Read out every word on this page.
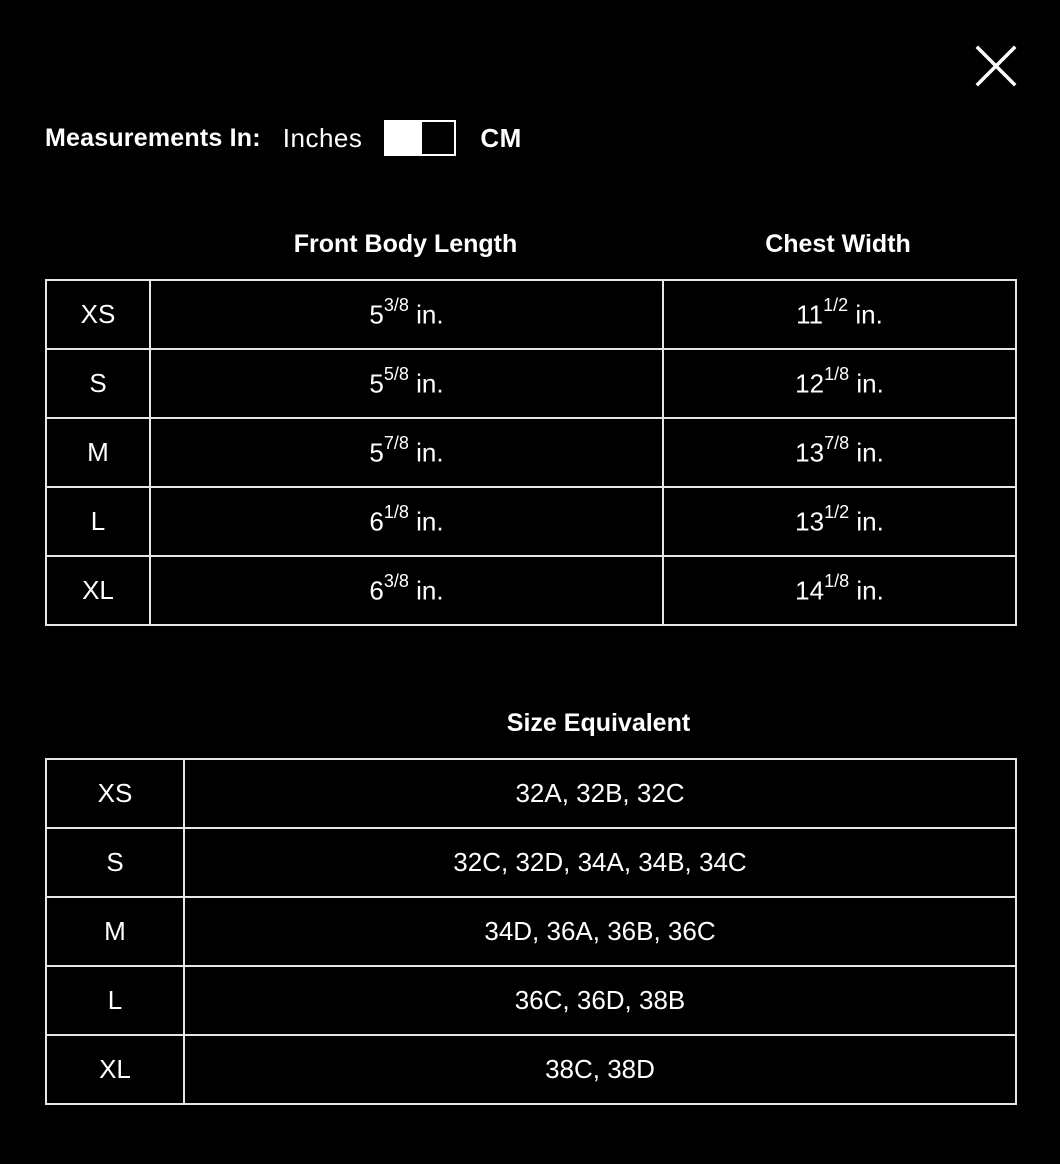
Measurements In: Inches	CM
Front Body Length	Chest Width
XS	$5^{3/8}$ in.	$11^{1/2}$ in.
S	$5^{5/8}$ in.	$12^{1/8}$ in.
M	$5^{7/8}$ in.	$13^{7/8}$ in.
L	$6^{1/8}$ in.	$13^{1/2}$ in.
XL	$6^{3/8}$ in.	$14^{1/8}$ in.
Size Equivalent
XS	32A, 32B, 32C
S	32C, 32D, 34A, 34B, 34C
M	34D, 36A, 36B, 36C
L	36C, 36D, 38B
XL	38C, 38D
